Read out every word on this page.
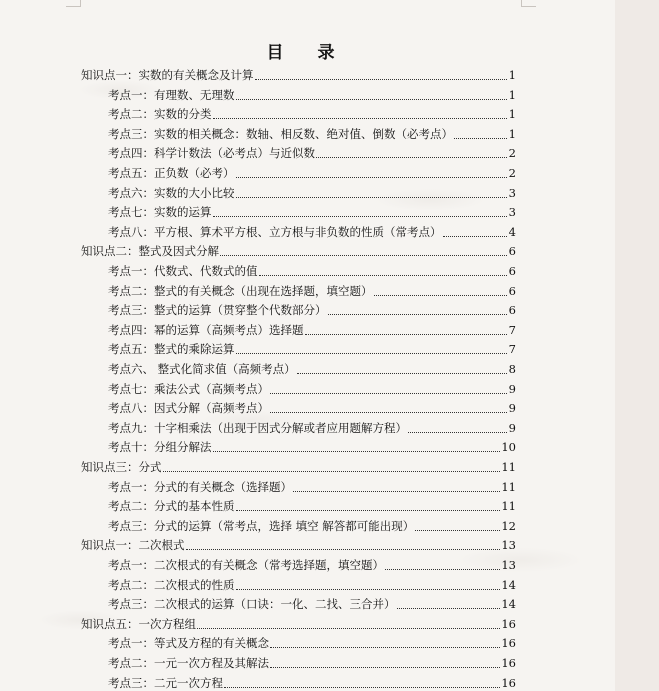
目 录
知识点一：实数的有关概念及计算	1
考点一：有理数、无理数	1
考点二：实数的分类	1
考点三：实数的相关概念：数轴、相反数、绝对值、倒数（必考点）	1
考点四：科学计数法（必考点）与近似数	2
考点五：正负数（必考）	2
考点六：实数的大小比较	3
考点七：实数的运算	3
考点八：平方根、算术平方根、立方根与非负数的性质（常考点）	4
知识点二：整式及因式分解	6
考点一：代数式、代数式的值	6
考点二：整式的有关概念（出现在选择题，填空题）	6
考点三：整式的运算（贯穿整个代数部分）	6
考点四：幂的运算（高频考点）选择题	7
考点五：整式的乘除运算	7
考点六、 整式化简求值（高频考点）	8
考点七：乘法公式（高频考点）	9
考点八：因式分解（高频考点）	9
考点九：十字相乘法（出现于因式分解或者应用题解方程）	9
考点十：分组分解法	10
知识点三：分式	11
考点一：分式的有关概念（选择题）	11
考点二：分式的基本性质	11
考点三：分式的运算（常考点，选择 填空 解答都可能出现）	12
知识点一：二次根式	13
考点一：二次根式的有关概念（常考选择题，填空题）	13
考点二：二次根式的性质	14
考点三：二次根式的运算（口诀：一化、二找、三合并）	14
知识点五：一次方程组	16
考点一：等式及方程的有关概念	16
考点二：一元一次方程及其解法	16
考点三：二元一次方程	16
